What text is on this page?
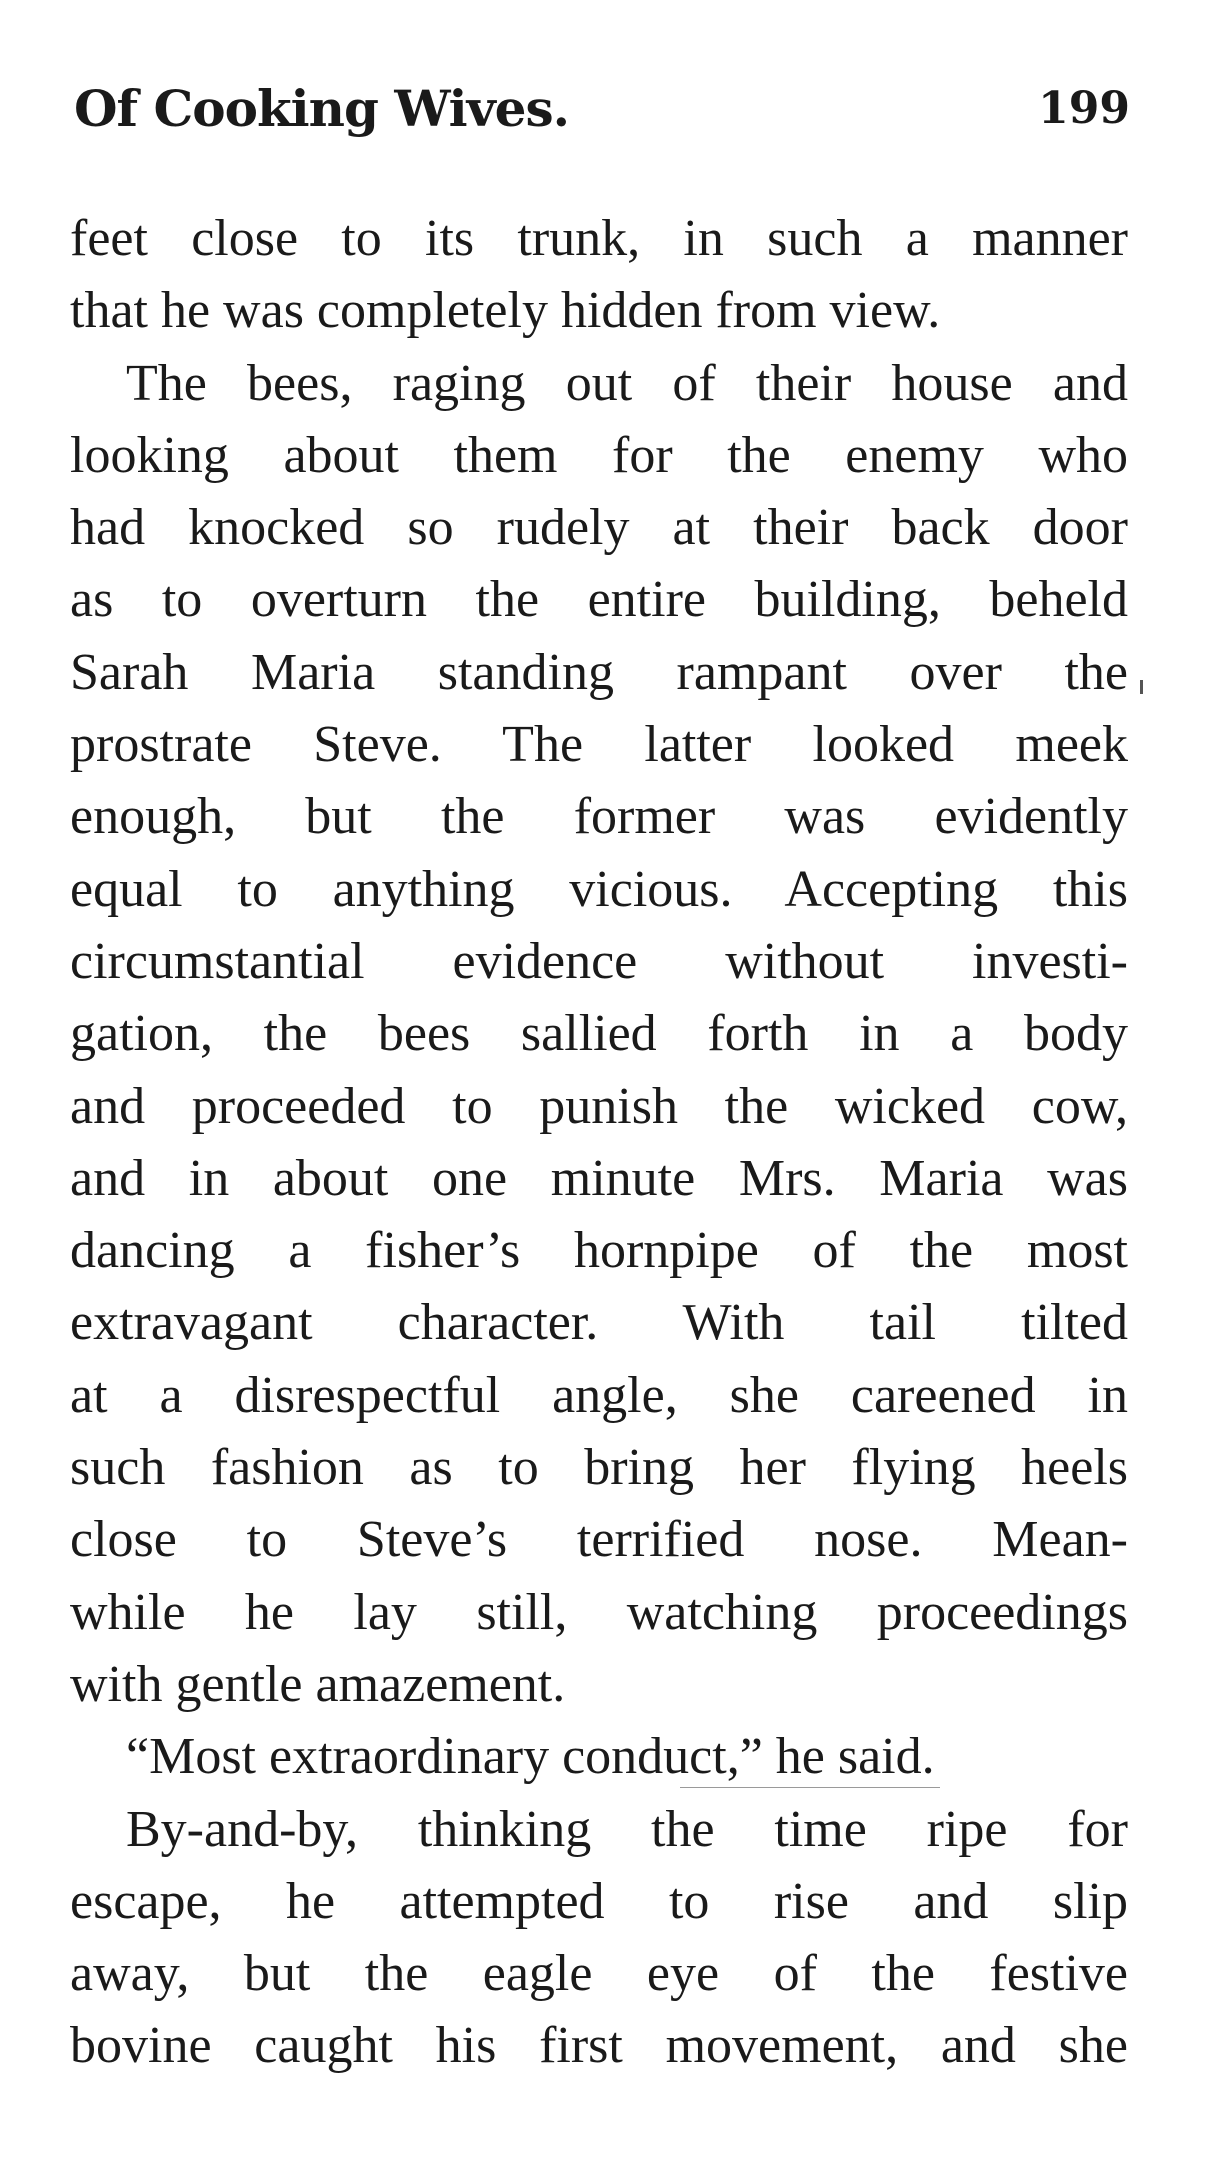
Of Cooking Wives.	199
feet close to its trunk, in such a manner
that he was completely hidden from view.
The bees, raging out of their house and
looking about them for the enemy who
had knocked so rudely at their back door
as to overturn the entire building, beheld
Sarah Maria standing rampant over the
prostrate Steve. The latter looked meek
enough, but the former was evidently
equal to anything vicious. Accepting this
circumstantial evidence without investi-
gation, the bees sallied forth in a body
and proceeded to punish the wicked cow,
and in about one minute Mrs. Maria was
dancing a fisher’s hornpipe of the most
extravagant character. With tail tilted
at a disrespectful angle, she careened in
such fashion as to bring her flying heels
close to Steve’s terrified nose. Mean-
while he lay still, watching proceedings
with gentle amazement.
“Most extraordinary conduct,” he said.
By-and-by, thinking the time ripe for
escape, he attempted to rise and slip
away, but the eagle eye of the festive
bovine caught his first movement, and she
